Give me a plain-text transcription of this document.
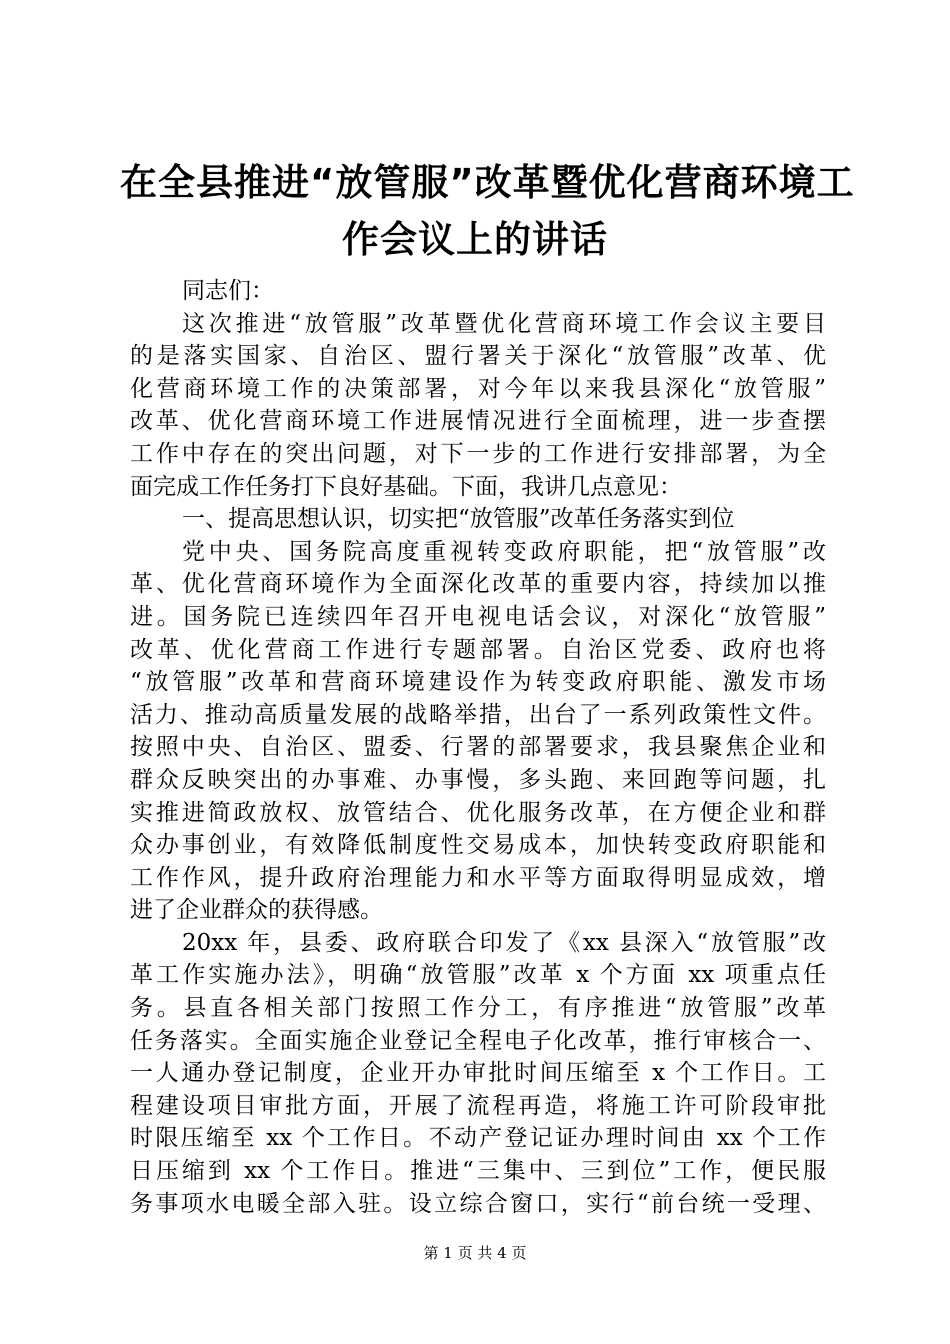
在全县推进“放管服”改革暨优化营商环境工
作会议上的讲话
同志们：
这次推进“放管服”改革暨优化营商环境工作会议主要目
的是落实国家、自治区、盟行署关于深化“放管服”改革、优
化营商环境工作的决策部署，对今年以来我县深化“放管服”
改革、优化营商环境工作进展情况进行全面梳理，进一步查摆
工作中存在的突出问题，对下一步的工作进行安排部署，为全
面完成工作任务打下良好基础。下面，我讲几点意见：
一、提高思想认识，切实把“放管服”改革任务落实到位
党中央、国务院高度重视转变政府职能，把“放管服”改
革、优化营商环境作为全面深化改革的重要内容，持续加以推
进。国务院已连续四年召开电视电话会议，对深化“放管服”
改革、优化营商工作进行专题部署。自治区党委、政府也将
“放管服”改革和营商环境建设作为转变政府职能、激发市场
活力、推动高质量发展的战略举措，出台了一系列政策性文件。
按照中央、自治区、盟委、行署的部署要求，我县聚焦企业和
群众反映突出的办事难、办事慢，多头跑、来回跑等问题，扎
实推进简政放权、放管结合、优化服务改革，在方便企业和群
众办事创业，有效降低制度性交易成本，加快转变政府职能和
工作作风，提升政府治理能力和水平等方面取得明显成效，增
进了企业群众的获得感。
20xx 年，县委、政府联合印发了《xx 县深入“放管服”改
革工作实施办法》，明确“放管服”改革 x 个方面 xx 项重点任
务。县直各相关部门按照工作分工，有序推进“放管服”改革
任务落实。全面实施企业登记全程电子化改革，推行审核合一、
一人通办登记制度，企业开办审批时间压缩至 x 个工作日。工
程建设项目审批方面，开展了流程再造，将施工许可阶段审批
时限压缩至 xx 个工作日。不动产登记证办理时间由 xx 个工作
日压缩到 xx 个工作日。推进“三集中、三到位”工作，便民服
务事项水电暖全部入驻。设立综合窗口，实行“前台统一受理、
第 1 页 共 4 页
